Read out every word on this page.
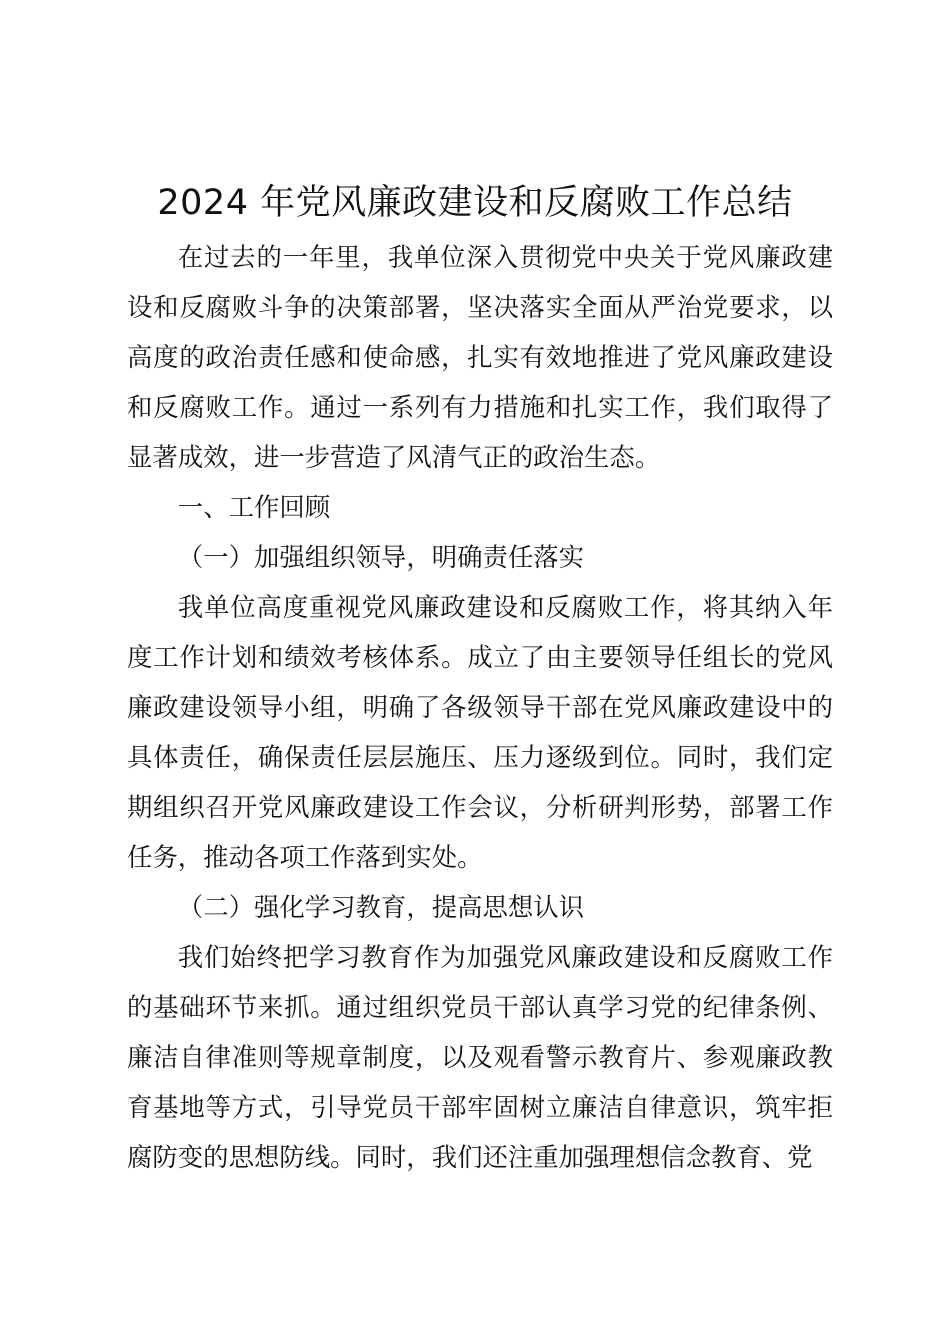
2024 年党风廉政建设和反腐败工作总结

在过去的一年里，我单位深入贯彻党中央关于党风廉政建设和反腐败斗争的决策部署，坚决落实全面从严治党要求，以高度的政治责任感和使命感，扎实有效地推进了党风廉政建设和反腐败工作。通过一系列有力措施和扎实工作，我们取得了显著成效，进一步营造了风清气正的政治生态。

一、工作回顾

（一）加强组织领导，明确责任落实

我单位高度重视党风廉政建设和反腐败工作，将其纳入年度工作计划和绩效考核体系。成立了由主要领导任组长的党风廉政建设领导小组，明确了各级领导干部在党风廉政建设中的具体责任，确保责任层层施压、压力逐级到位。同时，我们定期组织召开党风廉政建设工作会议，分析研判形势，部署工作任务，推动各项工作落到实处。

（二）强化学习教育，提高思想认识

我们始终把学习教育作为加强党风廉政建设和反腐败工作的基础环节来抓。通过组织党员干部认真学习党的纪律条例、廉洁自律准则等规章制度，以及观看警示教育片、参观廉政教育基地等方式，引导党员干部牢固树立廉洁自律意识，筑牢拒腐防变的思想防线。同时，我们还注重加强理想信念教育、党
